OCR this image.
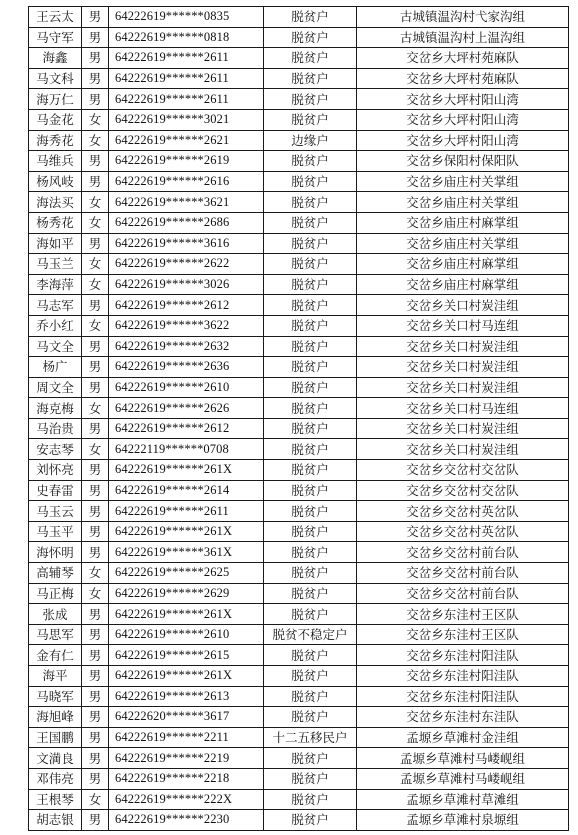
王云太	男	64222619******0835	脱贫户	古城镇温沟村弋家沟组
马守军	男	64222619******0818	脱贫户	古城镇温沟村上温沟组
海鑫	男	64222619******2611	脱贫户	交岔乡大坪村苑麻队
马文科	男	64222619******2611	脱贫户	交岔乡大坪村苑麻队
海万仁	男	64222619******2611	脱贫户	交岔乡大坪村阳山湾
马金花	女	64222619******3021	脱贫户	交岔乡大坪村阳山湾
海秀花	女	64222619******2621	边缘户	交岔乡大坪村阳山湾
马维兵	男	64222619******2619	脱贫户	交岔乡保阳村保阳队
杨风岐	男	64222619******2616	脱贫户	交岔乡庙庄村关掌组
海法买	女	64222619******3621	脱贫户	交岔乡庙庄村关掌组
杨秀花	女	64222619******2686	脱贫户	交岔乡庙庄村麻掌组
海如平	男	64222619******3616	脱贫户	交岔乡庙庄村关掌组
马玉兰	女	64222619******2622	脱贫户	交岔乡庙庄村麻掌组
李海萍	女	64222619******3026	脱贫户	交岔乡庙庄村麻掌组
马志军	男	64222619******2612	脱贫户	交岔乡关口村炭洼组
乔小红	女	64222619******3622	脱贫户	交岔乡关口村马连组
马文全	男	64222619******2632	脱贫户	交岔乡关口村炭洼组
杨广	男	64222619******2636	脱贫户	交岔乡关口村炭洼组
周文全	男	64222619******2610	脱贫户	交岔乡关口村炭洼组
海克梅	女	64222619******2626	脱贫户	交岔乡关口村马连组
马治贵	男	64222619******2612	脱贫户	交岔乡关口村炭洼组
安志琴	女	64222119******0708	脱贫户	交岔乡关口村炭洼组
刘怀亮	男	64222619******261X	脱贫户	交岔乡交岔村交岔队
史春雷	男	64222619******2614	脱贫户	交岔乡交岔村交岔队
马玉云	男	64222619******2611	脱贫户	交岔乡交岔村英岔队
马玉平	男	64222619******261X	脱贫户	交岔乡交岔村英岔队
海怀明	男	64222619******361X	脱贫户	交岔乡交岔村前台队
高辅琴	女	64222619******2625	脱贫户	交岔乡交岔村前台队
马正梅	女	64222619******2629	脱贫户	交岔乡交岔村前台队
张成	男	64222619******261X	脱贫户	交岔乡东洼村王区队
马思军	男	64222619******2610	脱贫不稳定户	交岔乡东洼村王区队
金有仁	男	64222619******2615	脱贫户	交岔乡东洼村阳洼队
海平	男	64222619******261X	脱贫户	交岔乡东洼村阳洼队
马晓军	男	64222619******2613	脱贫户	交岔乡东洼村阳洼队
海旭峰	男	64222620******3617	脱贫户	交岔乡东洼村东洼队
王国鹏	男	64222619******2211	十二五移民户	孟塬乡草滩村金洼组
文満良	男	64222619******2219	脱贫户	孟塬乡草滩村马嵝岘组
邓伟亮	男	64222619******2218	脱贫户	孟塬乡草滩村马嵝岘组
王根琴	女	64222619******222X	脱贫户	孟塬乡草滩村草滩组
胡志银	男	64222619******2230	脱贫户	孟塬乡草滩村泉塬组
